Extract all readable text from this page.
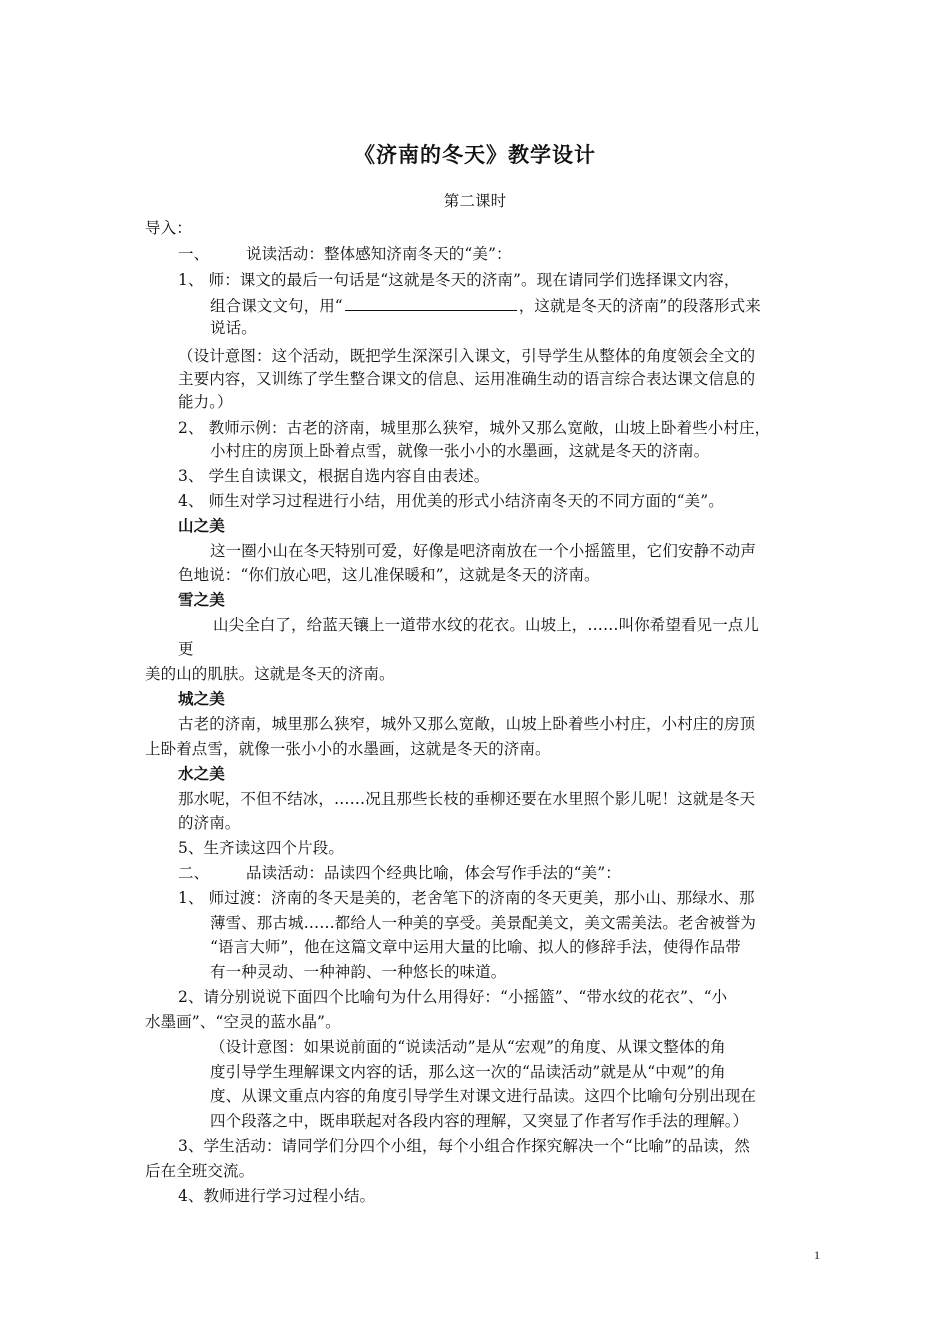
《济南的冬天》教学设计
第二课时
导入：
一、 说读活动：整体感知济南冬天的“美”：
1、 师：课文的最后一句话是“这就是冬天的济南”。现在请同学们选择课文内容，
组合课文文句，用“	，这就是冬天的济南”的段落形式来
说话。
（设计意图：这个活动，既把学生深深引入课文，引导学生从整体的角度领会全文的
主要内容，又训练了学生整合课文的信息、运用准确生动的语言综合表达课文信息的
能力。）
2、 教师示例：古老的济南，城里那么狭窄，城外又那么宽敞，山坡上卧着些小村庄，
小村庄的房顶上卧着点雪，就像一张小小的水墨画，这就是冬天的济南。
3、 学生自读课文，根据自选内容自由表述。
4、 师生对学习过程进行小结，用优美的形式小结济南冬天的不同方面的“美”。
山之美
这一圈小山在冬天特别可爱，好像是吧济南放在一个小摇篮里，它们安静不动声
色地说：“你们放心吧，这儿准保暖和”，这就是冬天的济南。
雪之美
山尖全白了，给蓝天镶上一道带水纹的花衣。山坡上，……叫你希望看见一点儿
更
美的山的肌肤。这就是冬天的济南。
城之美
古老的济南，城里那么狭窄，城外又那么宽敞，山坡上卧着些小村庄，小村庄的房顶
上卧着点雪，就像一张小小的水墨画，这就是冬天的济南。
水之美
那水呢，不但不结冰，……况且那些长枝的垂柳还要在水里照个影儿呢！这就是冬天
的济南。
5、生齐读这四个片段。
二、 品读活动：品读四个经典比喻，体会写作手法的“美”：
1、 师过渡：济南的冬天是美的，老舍笔下的济南的冬天更美，那小山、那绿水、那
薄雪、那古城……都给人一种美的享受。美景配美文，美文需美法。老舍被誉为
“语言大师”，他在这篇文章中运用大量的比喻、拟人的修辞手法，使得作品带
有一种灵动、一种神韵、一种悠长的味道。
2、请分别说说下面四个比喻句为什么用得好：“小摇篮”、“带水纹的花衣”、“小
水墨画”、“空灵的蓝水晶”。
（设计意图：如果说前面的“说读活动”是从“宏观”的角度、从课文整体的角
度引导学生理解课文内容的话，那么这一次的“品读活动”就是从“中观”的角
度、从课文重点内容的角度引导学生对课文进行品读。这四个比喻句分别出现在
四个段落之中，既串联起对各段内容的理解，又突显了作者写作手法的理解。）
3、学生活动：请同学们分四个小组，每个小组合作探究解决一个“比喻”的品读，然
后在全班交流。
4、教师进行学习过程小结。
1
